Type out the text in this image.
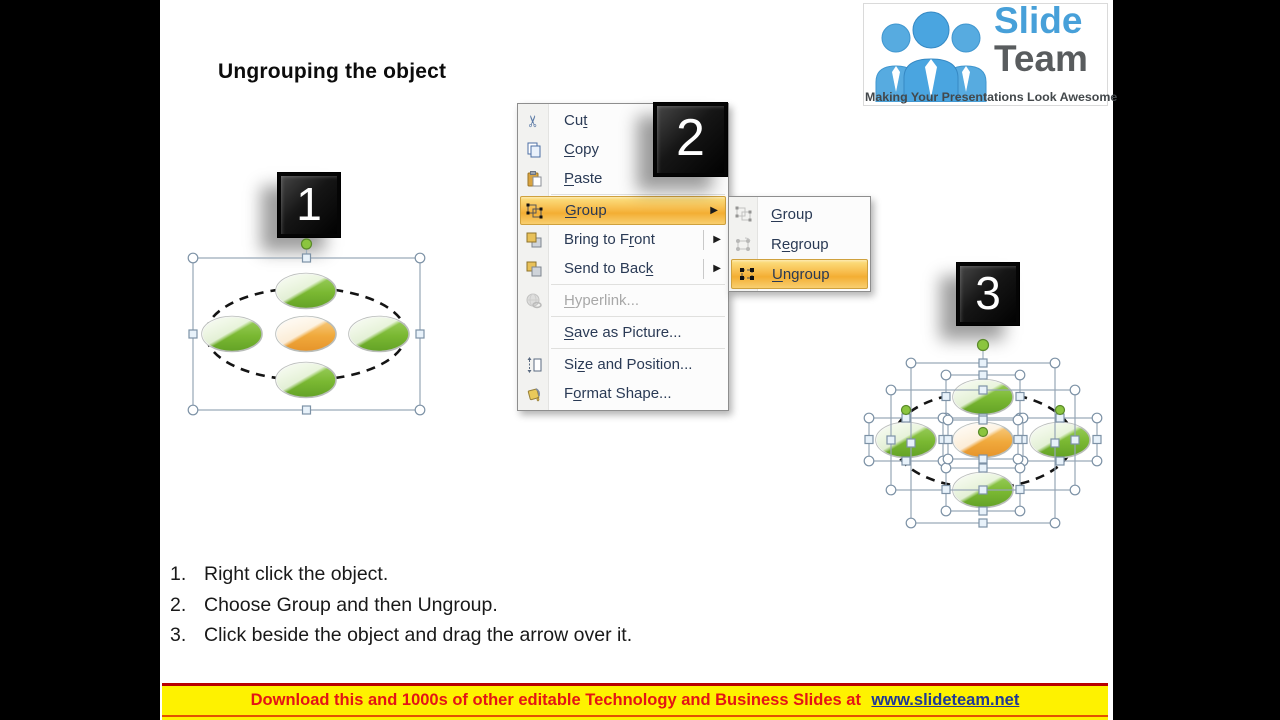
Ungrouping the object
Slide
Team
Making Your Presentations Look Awesome
1
2
3
✂ Cut
Copy
Paste
Group	▶
Bring to Front	▶
Send to Back	▶
Hyperlink...
Save as Picture...
Size and Position...
Format Shape...
Group
Regroup
Ungroup
1. Right click the object.
2. Choose Group and then Ungroup.
3. Click beside the object and drag the arrow over it.
Download this and 1000s of other editable Technology and Business Slides at www.slideteam.net
